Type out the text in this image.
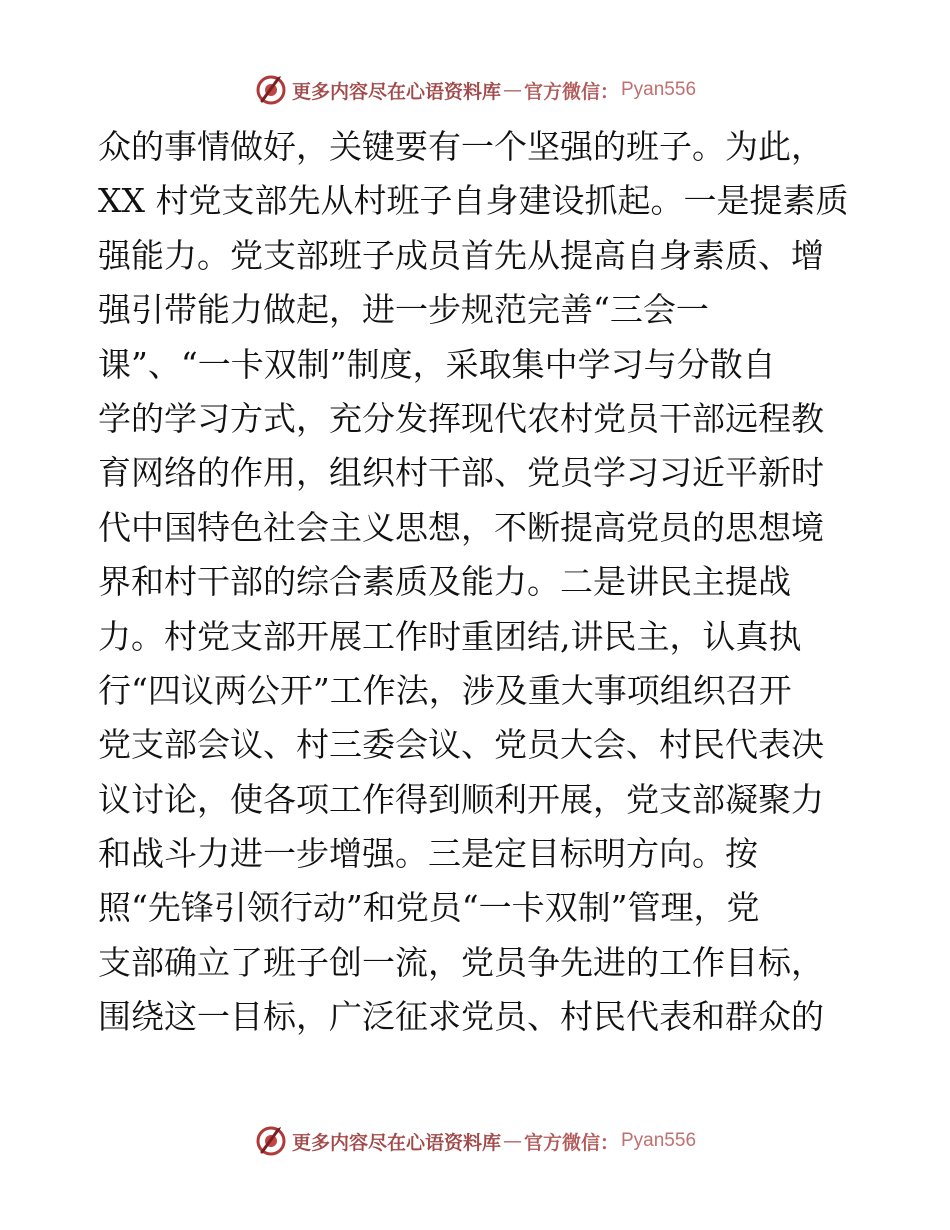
更多内容尽在心语资料库 — 官方微信： Pyan556
众的事情做好，关键要有一个坚强的班子。为此，
XX 村党支部先从村班子自身建设抓起。一是提素质
强能力。党支部班子成员首先从提高自身素质、增
强引带能力做起，进一步规范完善“三会一
课”、“一卡双制”制度，采取集中学习与分散自
学的学习方式，充分发挥现代农村党员干部远程教
育网络的作用，组织村干部、党员学习习近平新时
代中国特色社会主义思想，不断提高党员的思想境
界和村干部的综合素质及能力。二是讲民主提战
力。村党支部开展工作时重团结,讲民主，认真执
行“四议两公开”工作法，涉及重大事项组织召开
党支部会议、村三委会议、党员大会、村民代表决
议讨论，使各项工作得到顺利开展，党支部凝聚力
和战斗力进一步增强。三是定目标明方向。按
照“先锋引领行动”和党员“一卡双制”管理，党
支部确立了班子创一流，党员争先进的工作目标，
围绕这一目标，广泛征求党员、村民代表和群众的
更多内容尽在心语资料库 — 官方微信： Pyan556
